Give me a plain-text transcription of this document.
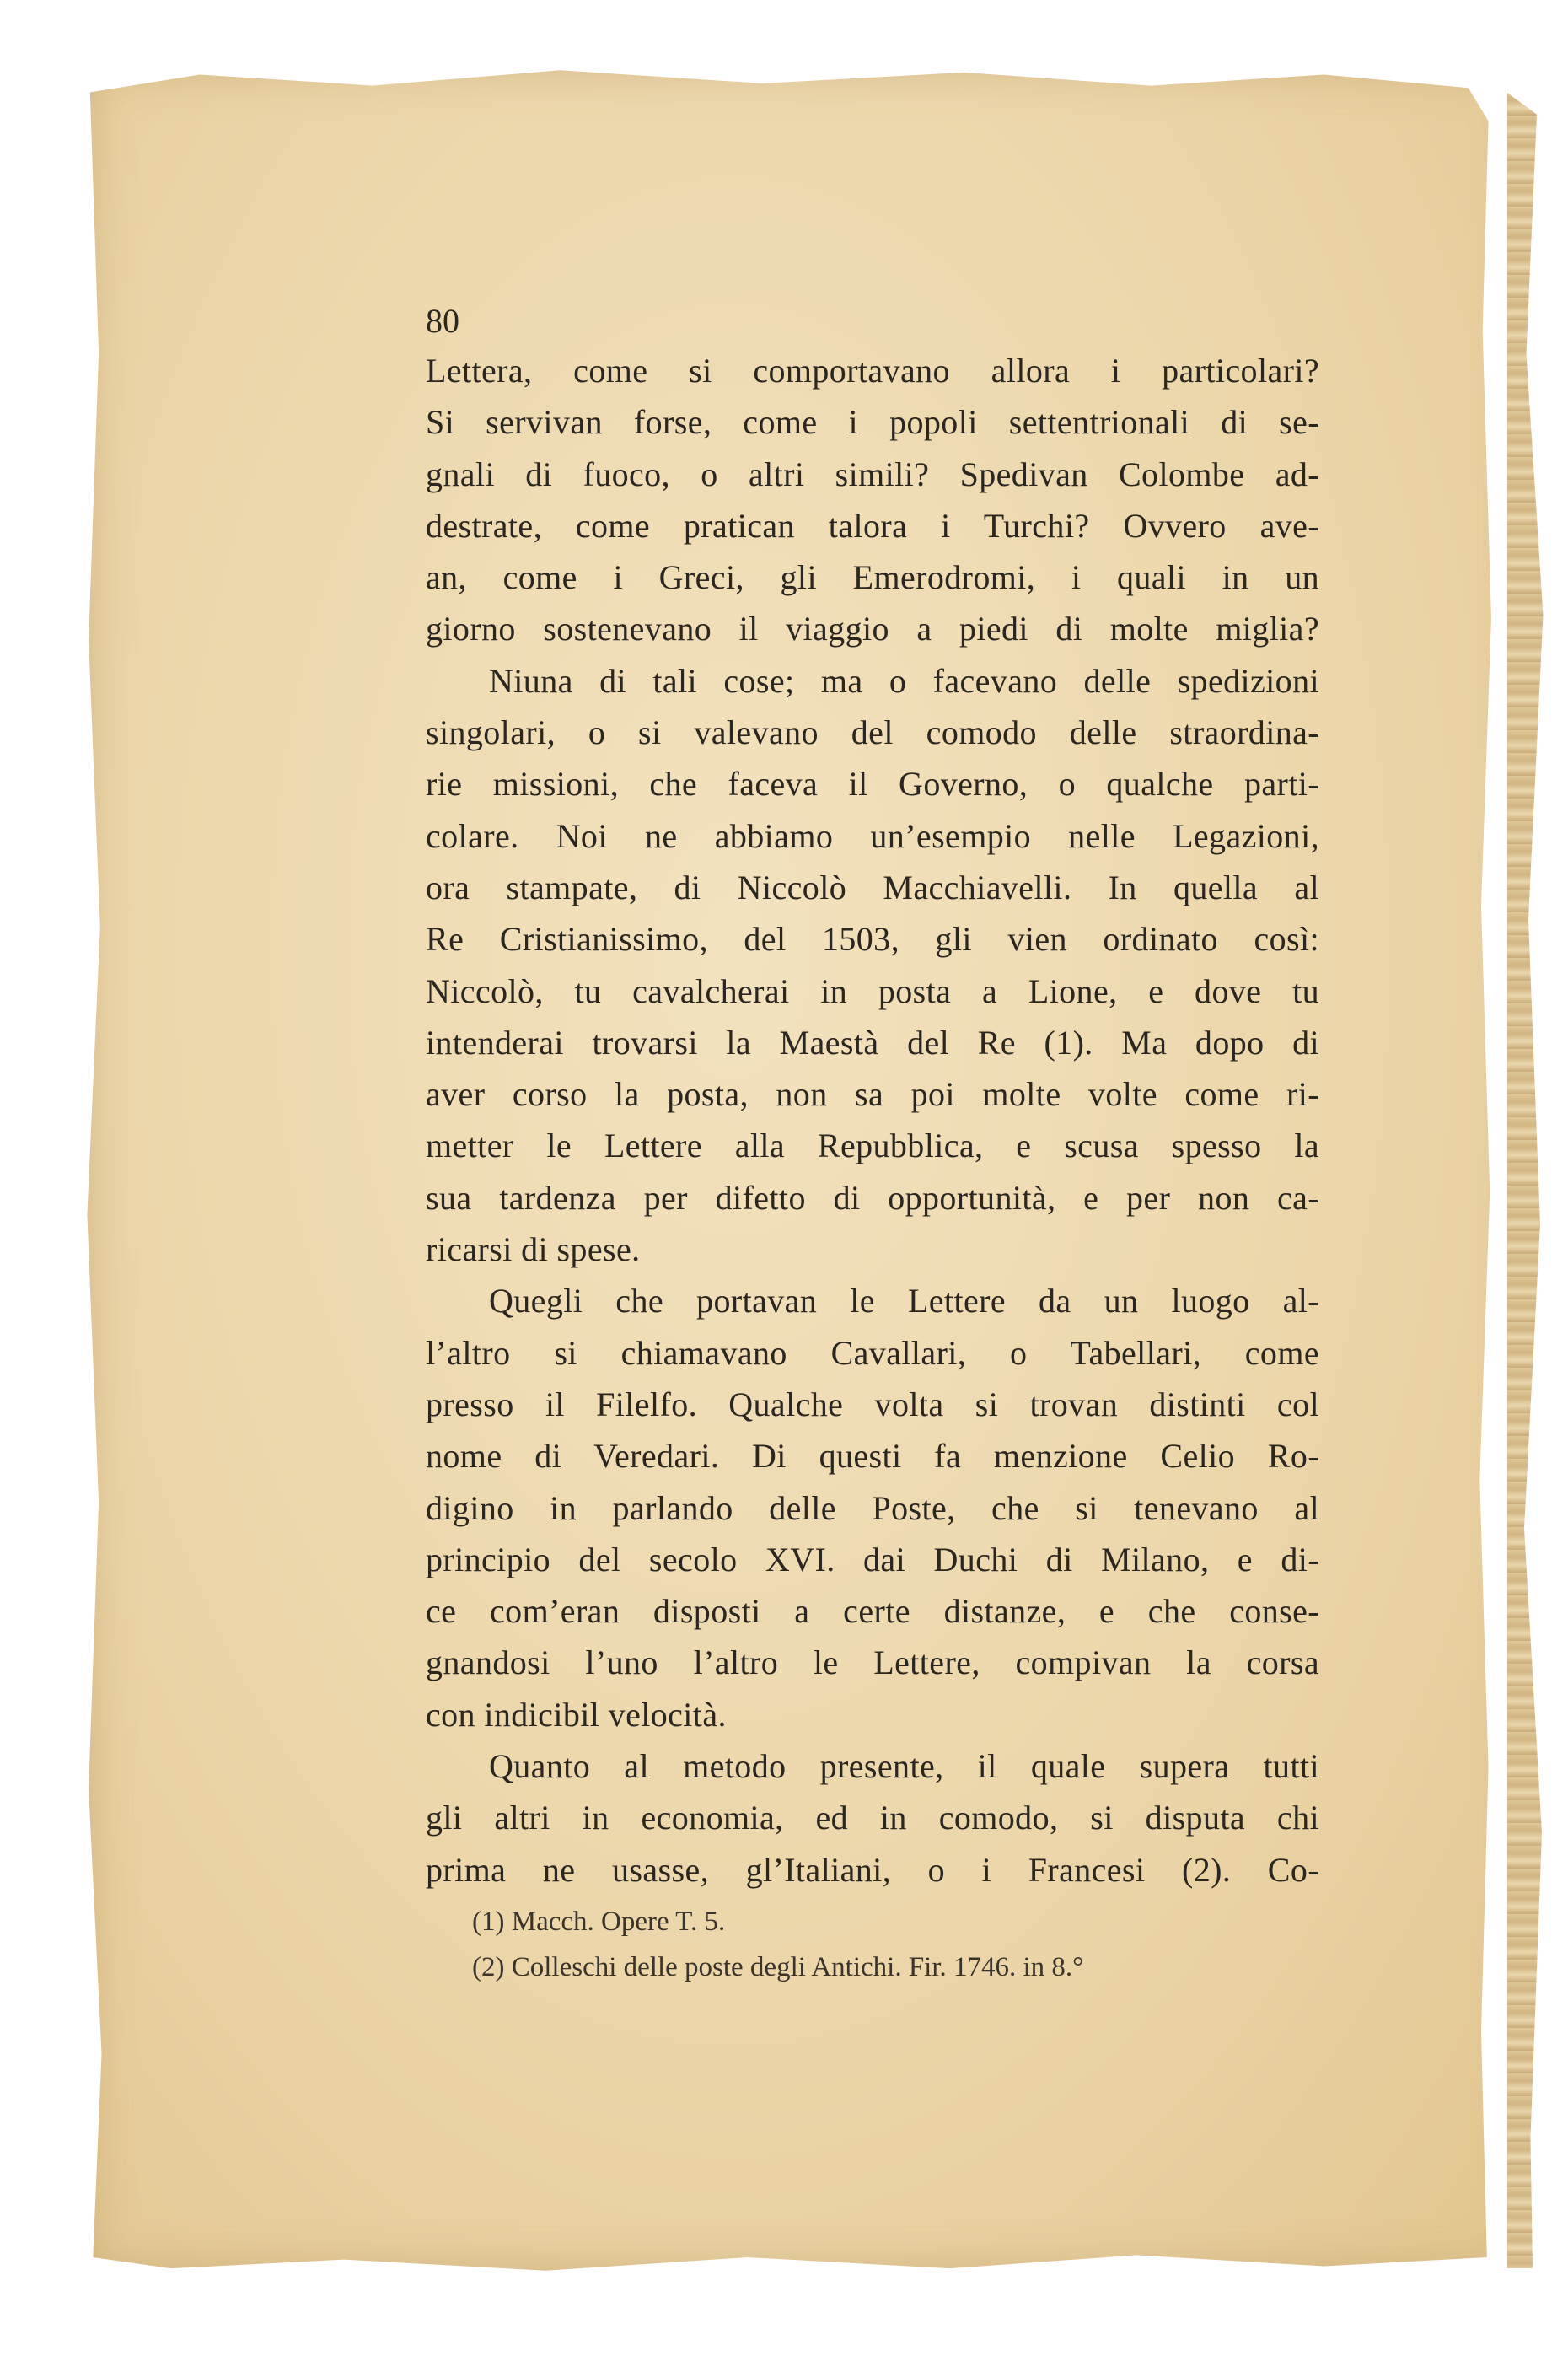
80
Lettera, come si comportavano allora i particolari?
Si servivan forse, come i popoli settentrionali di se-
gnali di fuoco, o altri simili? Spedivan Colombe ad-
destrate, come pratican talora i Turchi? Ovvero ave-
an, come i Greci, gli Emerodromi, i quali in un
giorno sostenevano il viaggio a piedi di molte miglia?
Niuna di tali cose; ma o facevano delle spedizioni
singolari, o si valevano del comodo delle straordina-
rie missioni, che faceva il Governo, o qualche parti-
colare. Noi ne abbiamo un’esempio nelle Legazioni,
ora stampate, di Niccolò Macchiavelli. In quella al
Re Cristianissimo, del 1503, gli vien ordinato così:
Niccolò, tu cavalcherai in posta a Lione, e dove tu
intenderai trovarsi la Maestà del Re (1). Ma dopo di
aver corso la posta, non sa poi molte volte come ri-
metter le Lettere alla Repubblica, e scusa spesso la
sua tardenza per difetto di opportunità, e per non ca-
ricarsi di spese.
Quegli che portavan le Lettere da un luogo al-
l’altro si chiamavano Cavallari, o Tabellari, come
presso il Filelfo. Qualche volta si trovan distinti col
nome di Veredari. Di questi fa menzione Celio Ro-
digino in parlando delle Poste, che si tenevano al
principio del secolo XVI. dai Duchi di Milano, e di-
ce com’eran disposti a certe distanze, e che conse-
gnandosi l’uno l’altro le Lettere, compivan la corsa
con indicibil velocità.
Quanto al metodo presente, il quale supera tutti
gli altri in economia, ed in comodo, si disputa chi
prima ne usasse, gl’Italiani, o i Francesi (2). Co-
(1) Macch. Opere T. 5.
(2) Colleschi delle poste degli Antichi. Fir. 1746. in 8.°
